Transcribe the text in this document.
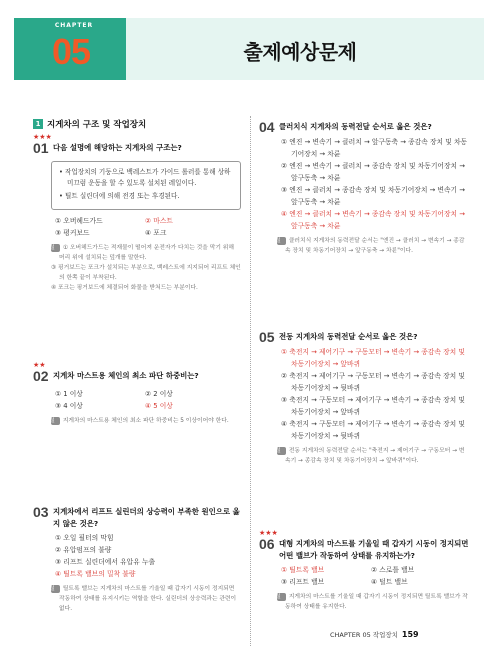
CHAPTER
05	출제예상문제
1 지게차의 구조 및 작업장치
★★★
01 다음 설명에 해당하는 지게차의 구조는?

• 작업장치의 기둥으로 백레스트가 가이드 롤러를 통해 상하 미끄럼 운동을 할 수 있도록 설치된 레일이다.

• 틸트 실린더에 의해 전경 또는 후경된다.

① 오버헤드가드	② 마스트
③ 평커보드	④ 포크

해설 ① 오버헤드가드는 적재물이 떨어져 운전자가 다치는 것을 막기 위해 머리 위에 설치되는 덮개를 말한다.

③ 핑거보드는 포크가 설치되는 부분으로, 백레스트에 지지되어 리프트 체인의 한쪽 끝이 부착된다.

④ 포크는 핑거보드에 체결되어 화물을 받쳐드는 부분이다.

★★
02 지게차 마스트용 체인의 최소 파단 하중비는?
① 1 이상	② 2 이상
③ 4 이상	④ 5 이상

해설 지게차의 마스트용 체인의 최소 파단 하중비는 5 이상이어야 한다.

03 지게차에서 리프트 실린더의 상승력이 부족한 원인으로 옳지 않은 것은?
① 오일 필터의 막힘
② 유압펌프의 불량
③ 리프트 실린더에서 유압유 누출
④ 틸트록 밸브의 밀착 불량

해설 틸트록 밸브는 지게차의 마스트를 기울일 때 갑자기 시동이 정지되면 작동하여 상태를 유지시키는 역할을 한다. 실린더의 상승력과는 관련이 없다.

04 클러치식 지게차의 동력전달 순서로 옳은 것은?
① 엔진 → 변속기 → 클러치 → 앞구동축 → 종감속 장치 및 차동기어장치 → 차륜
② 엔진 → 변속기 → 클러치 → 종감속 장치 및 차동기어장치 → 앞구동축 → 차륜
③ 엔진 → 클러치 → 종감속 장치 및 차동기어장치 → 변속기 → 앞구동축 → 차륜
④ 엔진 → 클러치 → 변속기 → 종감속 장치 및 차동기어장치 → 앞구동축 → 차륜

해설 클러치식 지게차의 동력전달 순서는 "엔진 → 클러치 → 변속기 → 종감속 장치 및 차동기어장치 → 앞구동축 → 차륜"이다.

05 전동 지게차의 동력전달 순서로 옳은 것은?
① 축전지 → 제어기구 → 구동모터 → 변속기 → 종감속 장치 및 차동기어장치 → 앞바퀴
② 축전지 → 제어기구 → 구동모터 → 변속기 → 종감속 장치 및 차동기어장치 → 뒷바퀴
③ 축전지 → 구동모터 → 제어기구 → 변속기 → 종감속 장치 및 차동기어장치 → 앞바퀴
④ 축전지 → 구동모터 → 제어기구 → 변속기 → 종감속 장치 및 차동기어장치 → 뒷바퀴

해설 전동 지게차의 동력전달 순서는 "축전지 → 제어기구 → 구동모터 → 변속기 → 종감속 장치 및 차동기어장치 → 앞바퀴"이다.

★★★
06 대형 지게차의 마스트를 기울일 때 갑자기 시동이 정지되면 어떤 밸브가 작동하여 상태를 유지하는가?
① 틸트록 밸브	② 스로틀 밸브
③ 리프트 밸브	④ 털트 밸브

해설 지게차의 마스트를 기울일 때 갑자기 시동이 정지되면 틸트록 밸브가 작동하여 상태를 유지한다.

CHAPTER 05 작업장치 159
